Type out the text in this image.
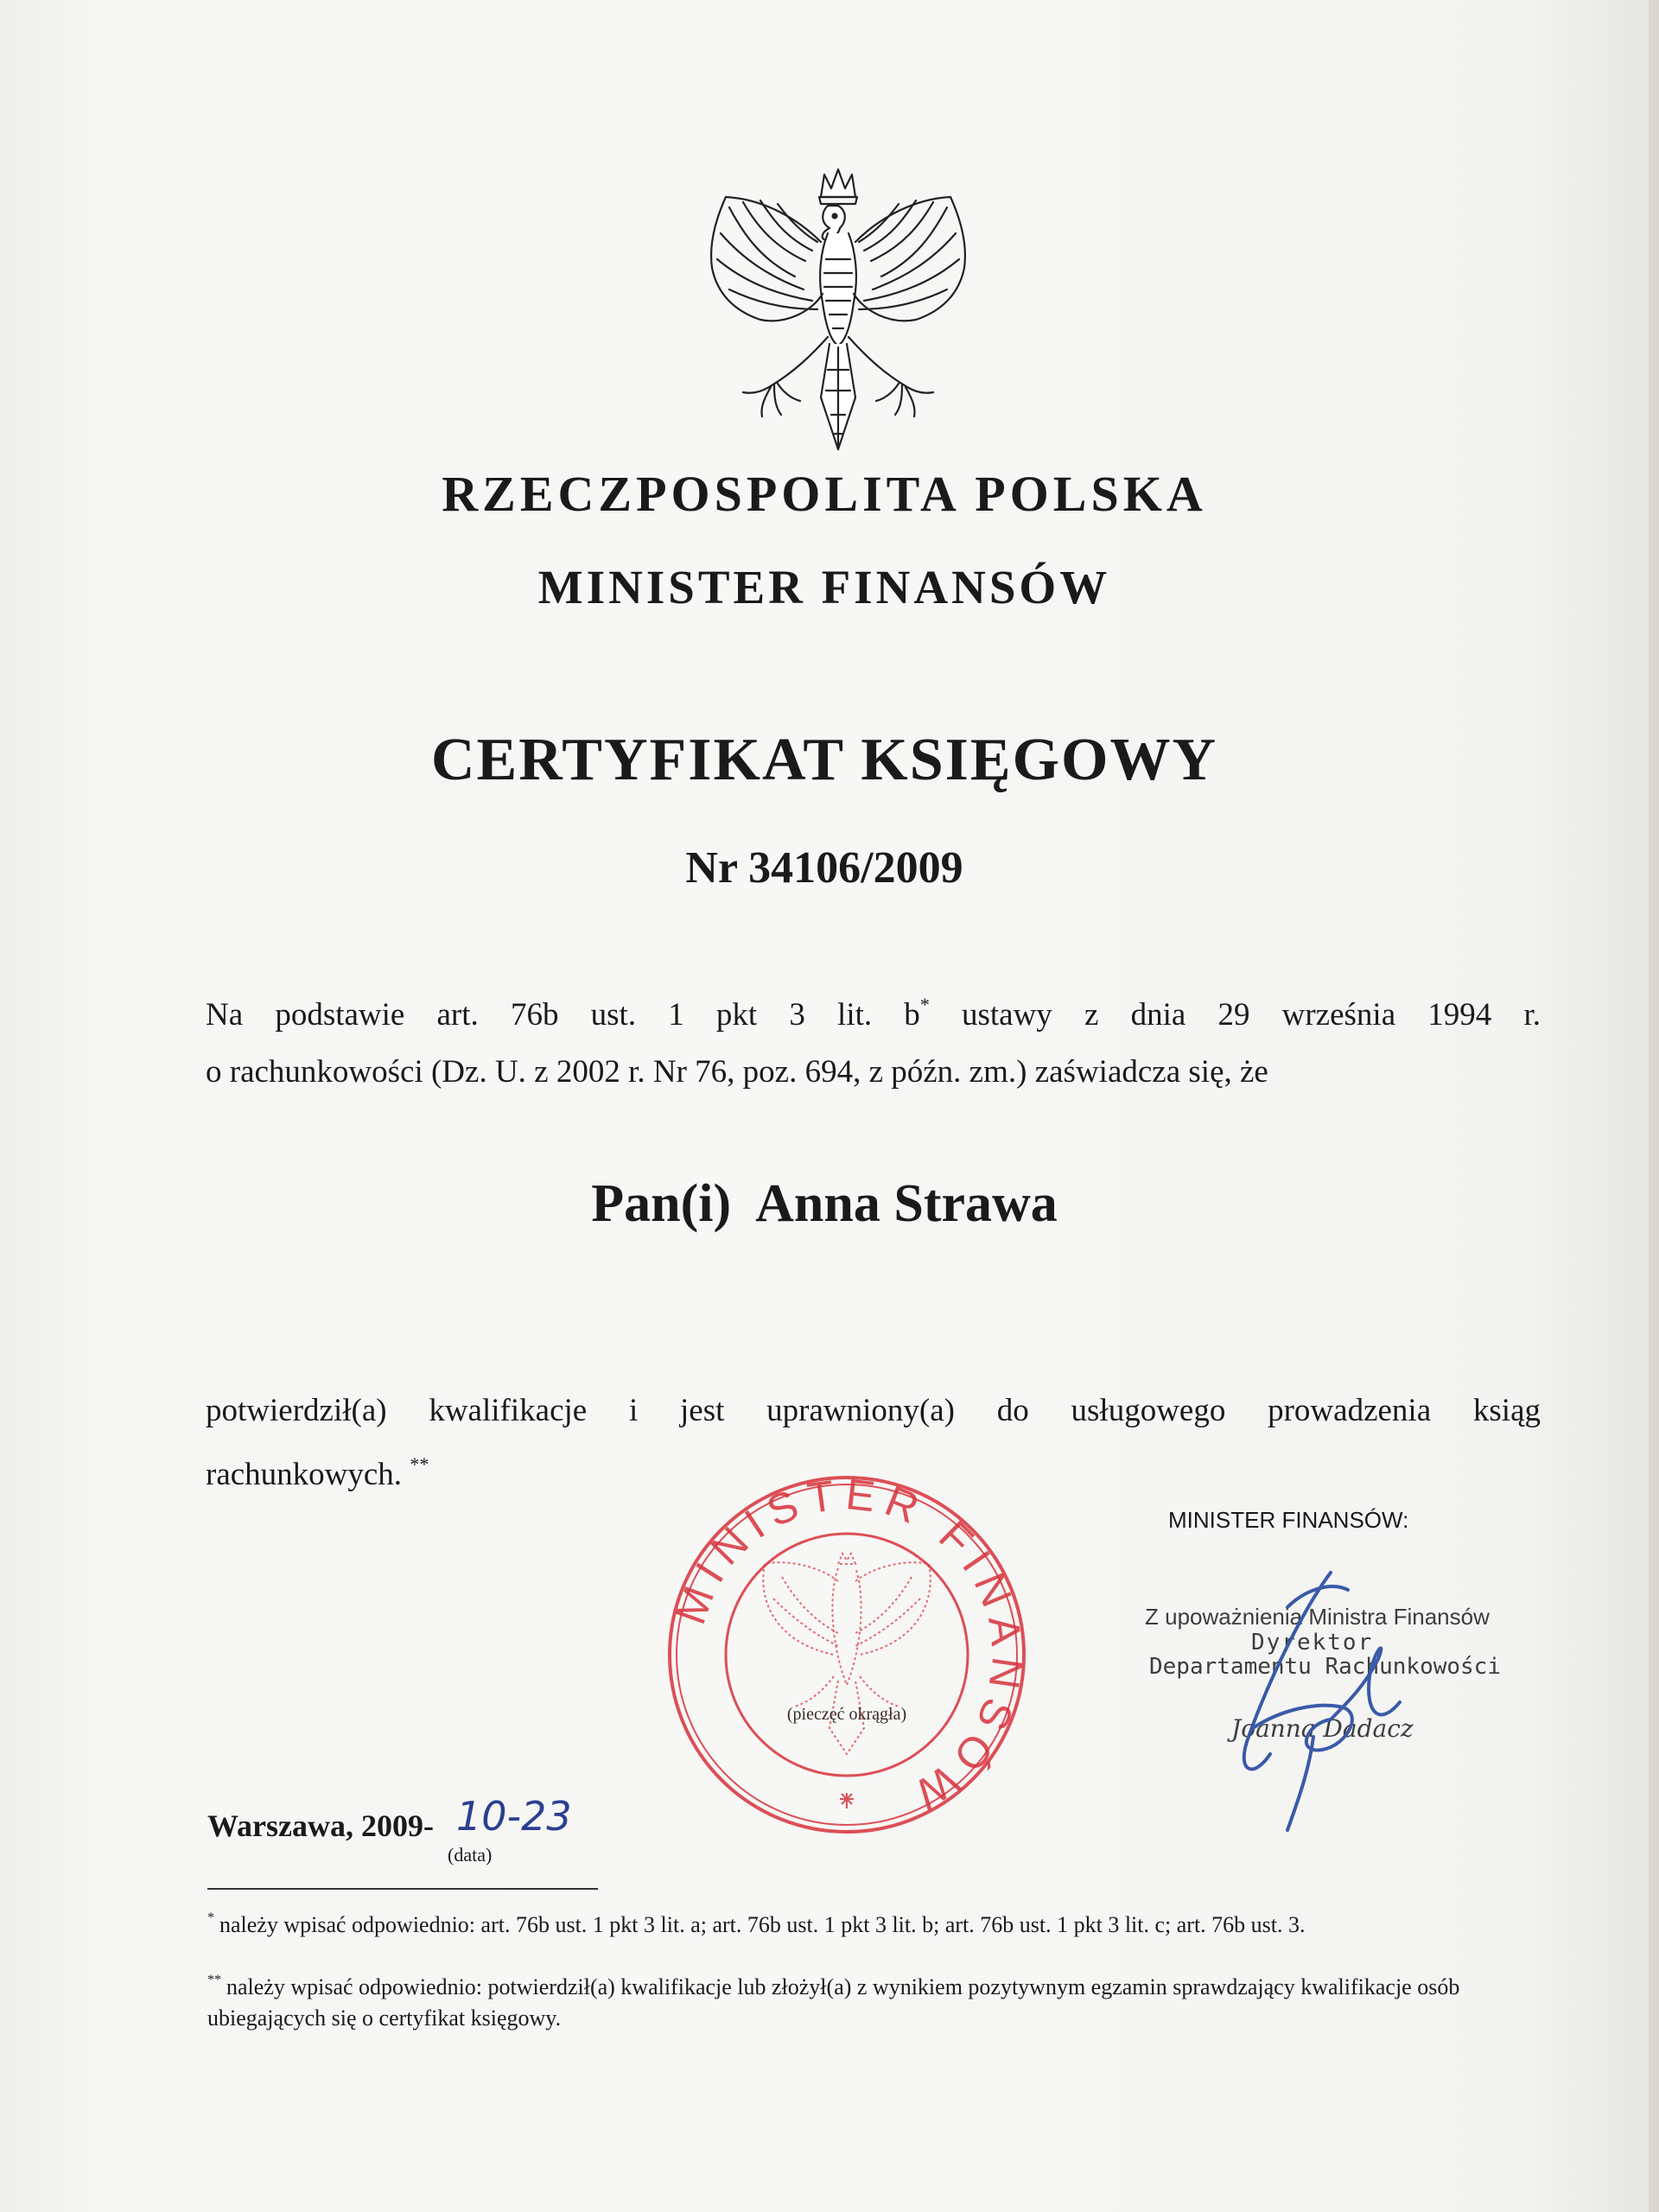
RZECZPOSPOLITA POLSKA
MINISTER FINANSÓW
CERTYFIKAT KSIĘGOWY
Nr 34106/2009
Na podstawie art. 76b ust. 1 pkt 3 lit. b* ustawy z dnia 29 września 1994 r.
o rachunkowości (Dz. U. z 2002 r. Nr 76, poz. 694, z późn. zm.) zaświadcza się, że
Pan(i) Anna Strawa
potwierdził(a) kwalifikacje i jest uprawniony(a) do usługowego prowadzenia ksiąg
rachunkowych. **
MINISTER FINANSÓW
(pieczęć okrągła)
MINISTER FINANSÓW:
Z upoważnienia Ministra Finansów
Dyrektor
Departamentu Rachunkowości
Joanna Dadacz
Warszawa, 2009- 10-23
(data)
* należy wpisać odpowiednio: art. 76b ust. 1 pkt 3 lit. a; art. 76b ust. 1 pkt 3 lit. b; art. 76b ust. 1 pkt 3 lit. c; art. 76b ust. 3.
** należy wpisać odpowiednio: potwierdził(a) kwalifikacje lub złożył(a) z wynikiem pozytywnym egzamin sprawdzający kwalifikacje osób ubiegających się o certyfikat księgowy.
